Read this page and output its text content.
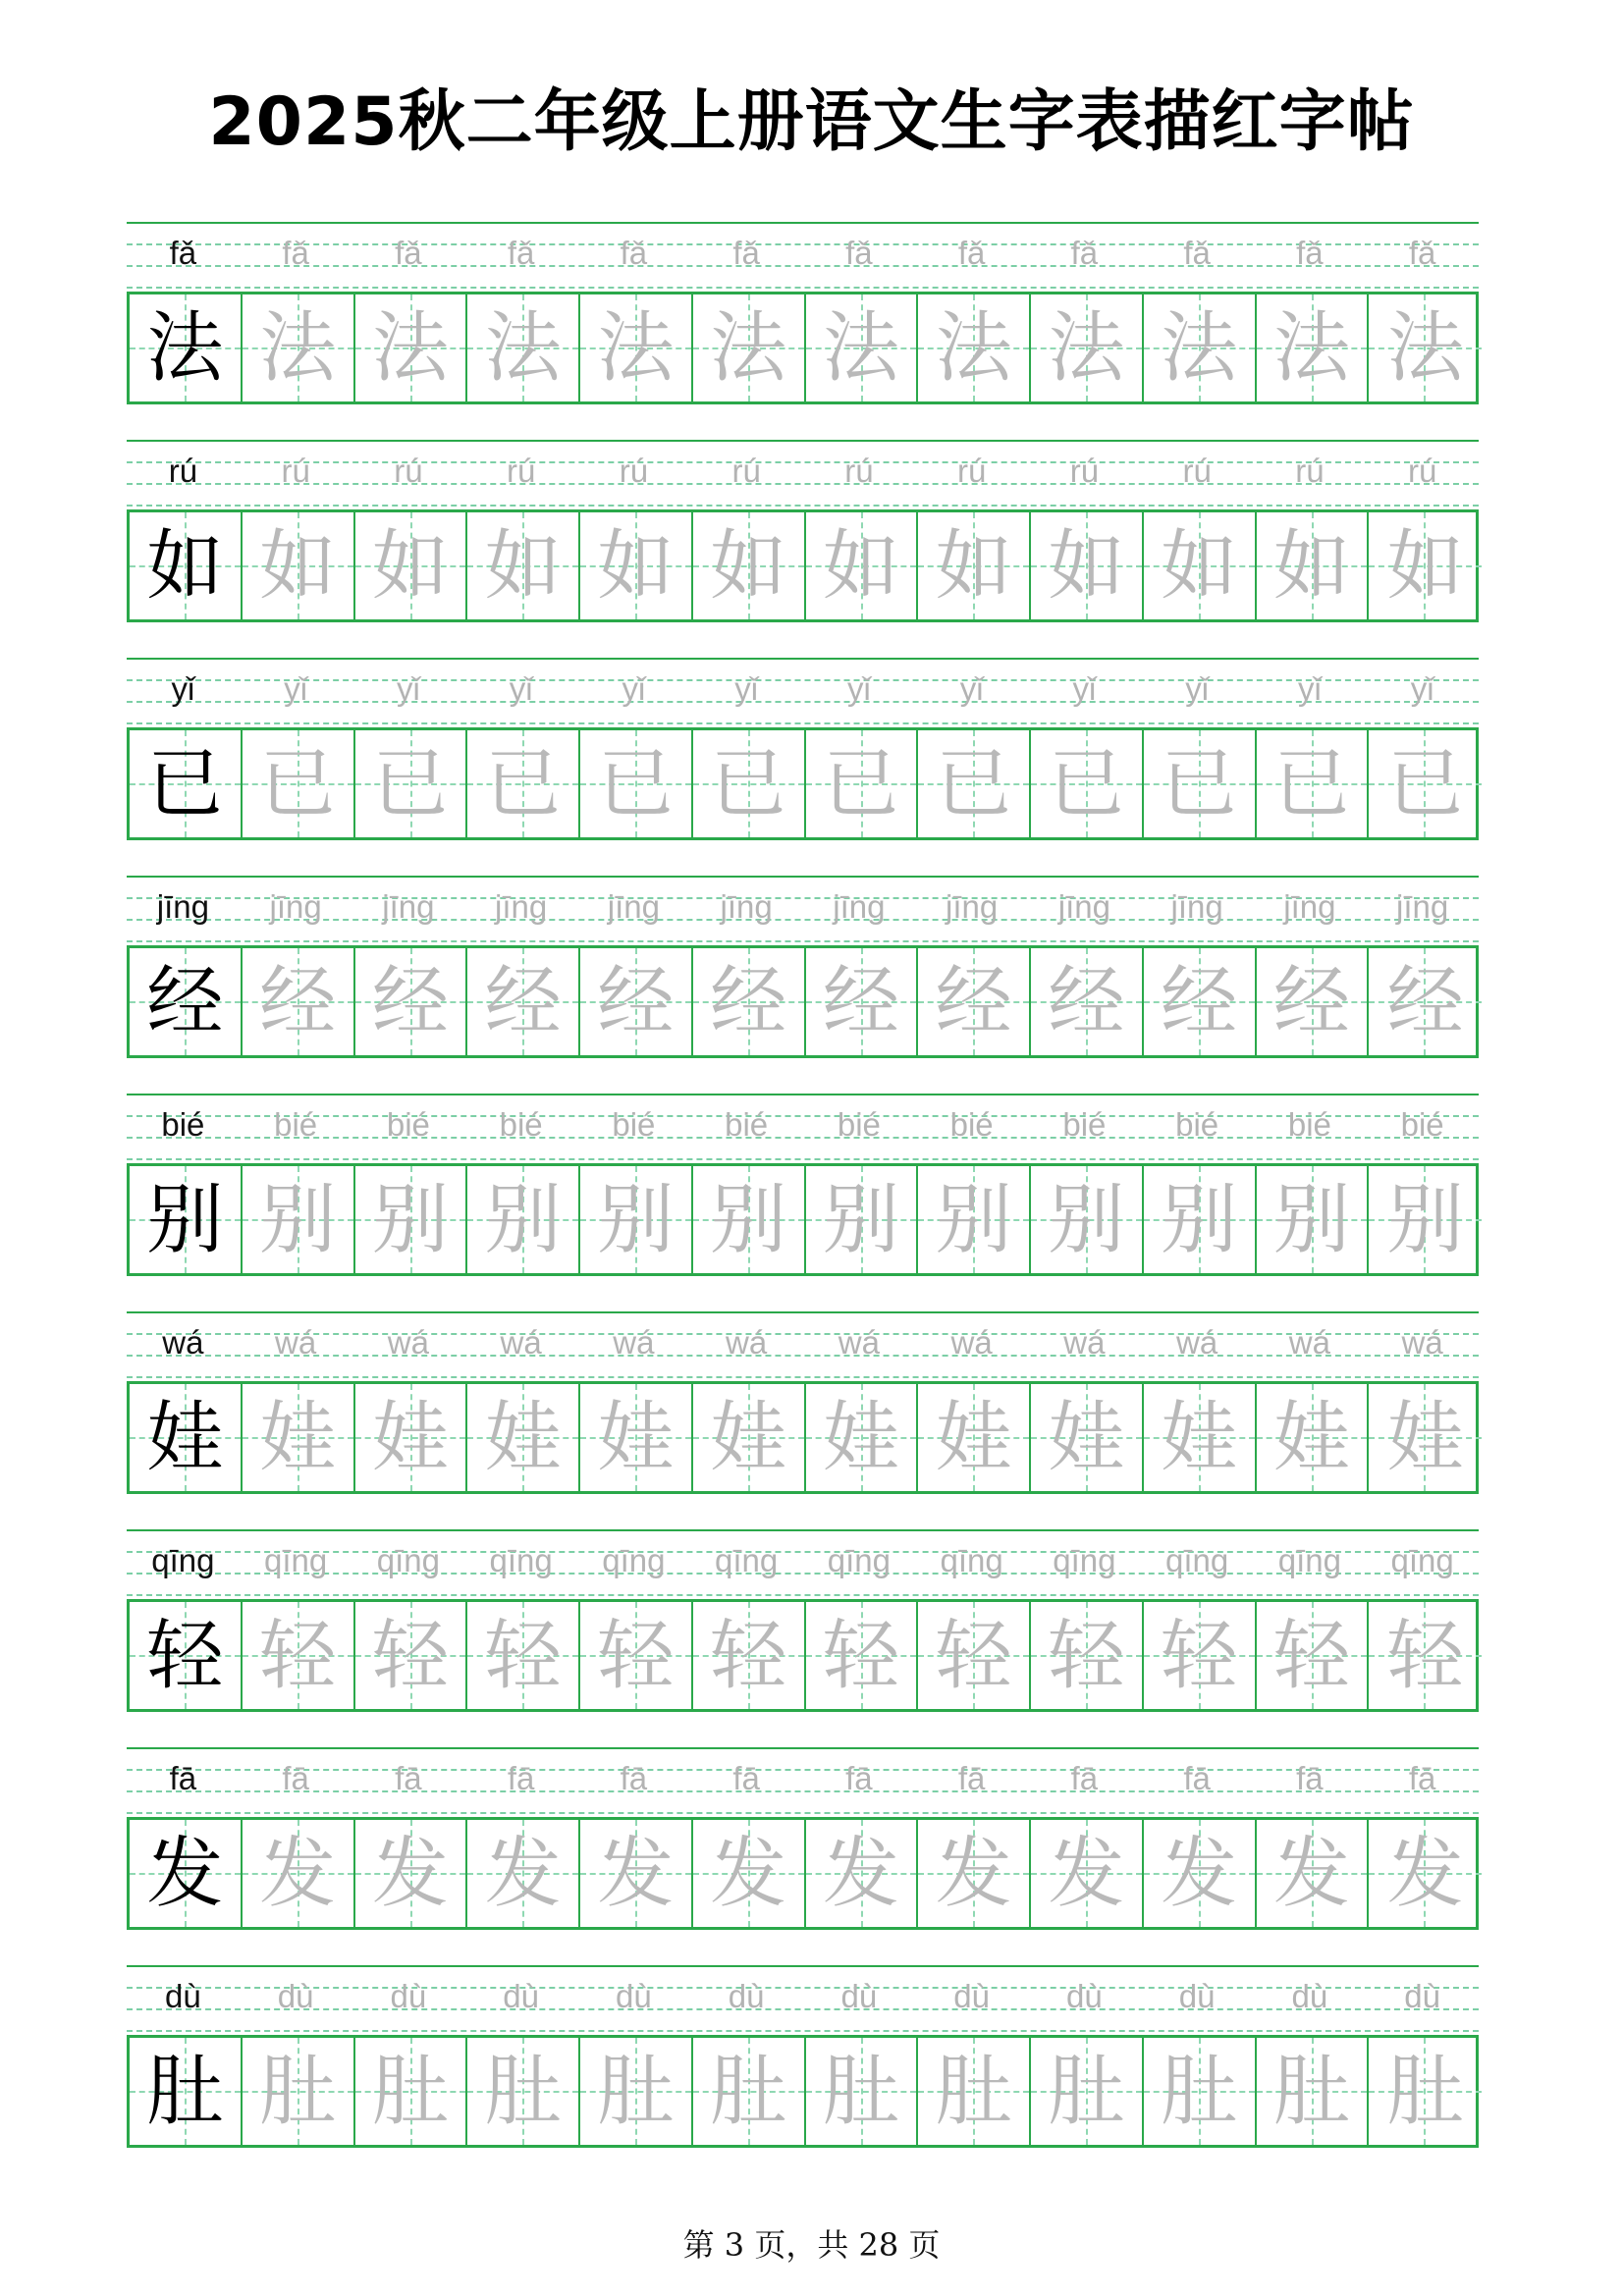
2025秋二年级上册语文生字表描红字帖
fǎ	fǎ	fǎ	fǎ	fǎ	fǎ	fǎ	fǎ	fǎ	fǎ	fǎ	fǎ
法 法 法 法 法 法 法 法 法 法 法 法
rú	rú	rú	rú	rú	rú	rú	rú	rú	rú	rú	rú
如 如 如 如 如 如 如 如 如 如 如 如
yǐ	yǐ	yǐ	yǐ	yǐ	yǐ	yǐ	yǐ	yǐ	yǐ	yǐ	yǐ
已 已 已 已 已 已 已 已 已 已 已 已
jīng	jīng	jīng	jīng	jīng	jīng	jīng	jīng	jīng	jīng	jīng	jīng
经 经 经 经 经 经 经 经 经 经 经 经
bié	bié	bié	bié	bié	bié	bié	bié	bié	bié	bié	bié
别 别 别 别 别 别 别 别 别 别 别 别
wá	wá	wá	wá	wá	wá	wá	wá	wá	wá	wá	wá
娃 娃 娃 娃 娃 娃 娃 娃 娃 娃 娃 娃
qīng	qīng	qīng	qīng	qīng	qīng	qīng	qīng	qīng	qīng	qīng	qīng
轻 轻 轻 轻 轻 轻 轻 轻 轻 轻 轻 轻
fā	fā	fā	fā	fā	fā	fā	fā	fā	fā	fā	fā
发 发 发 发 发 发 发 发 发 发 发 发
dù	dù	dù	dù	dù	dù	dù	dù	dù	dù	dù	dù
肚 肚 肚 肚 肚 肚 肚 肚 肚 肚 肚 肚
第 3 页，共 28 页
